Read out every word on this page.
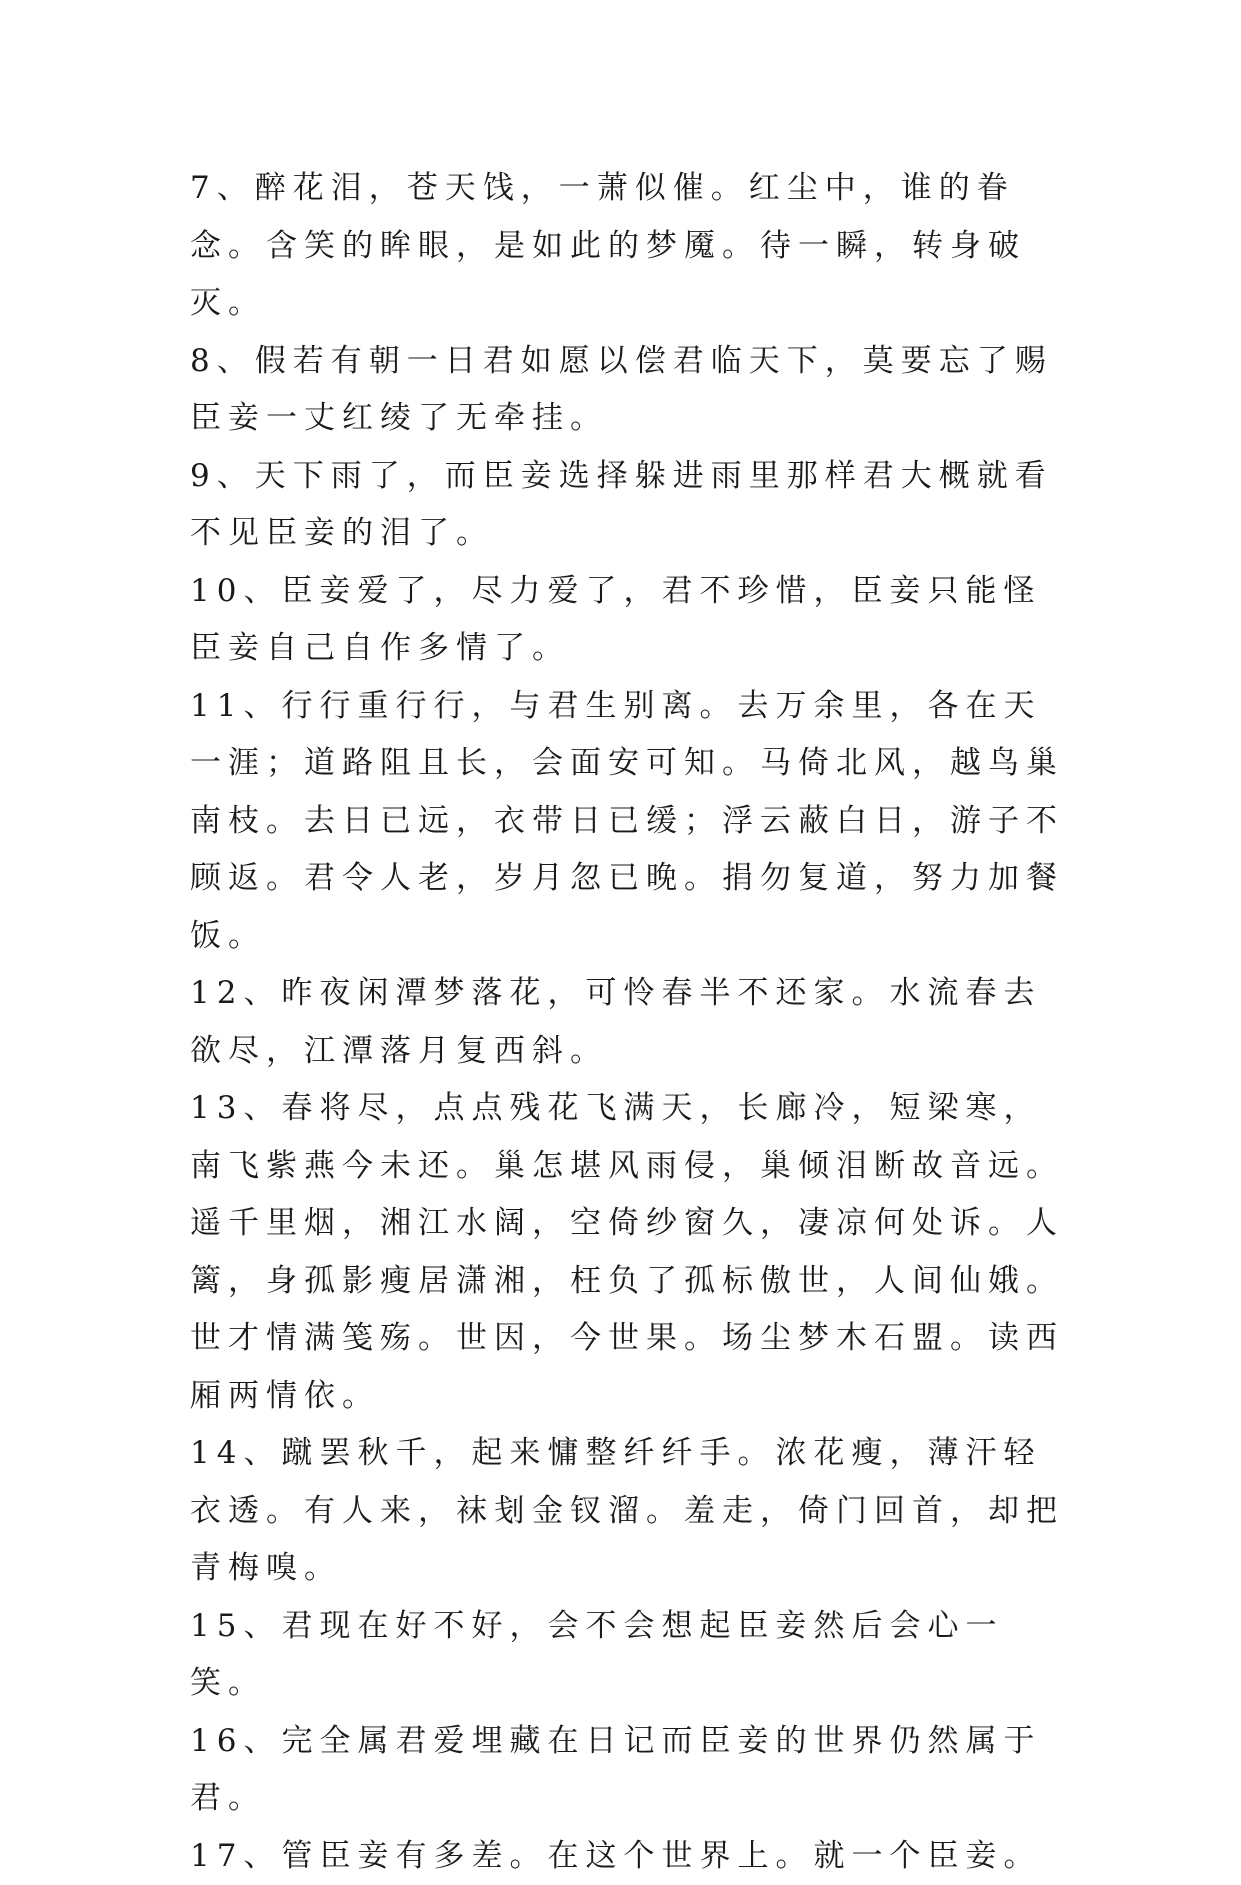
7、醉花泪，苍天饯，一萧似催。红尘中，谁的眷念。含笑的眸眼，是如此的梦魇。待一瞬，转身破灭。

8、假若有朝一日君如愿以偿君临天下，莫要忘了赐臣妾一丈红绫了无牵挂。

9、天下雨了，而臣妾选择躲进雨里那样君大概就看不见臣妾的泪了。

10、臣妾爱了，尽力爱了，君不珍惜，臣妾只能怪臣妾自己自作多情了。

11、行行重行行，与君生别离。去万余里，各在天一涯；道路阻且长，会面安可知。马倚北风，越鸟巢南枝。去日已远，衣带日已缓；浮云蔽白日，游子不顾返。君令人老，岁月忽已晚。捐勿复道，努力加餐饭。

12、昨夜闲潭梦落花，可怜春半不还家。水流春去欲尽，江潭落月复西斜。

13、春将尽，点点残花飞满天，长廊冷，短梁寒，南飞紫燕今未还。巢怎堪风雨侵，巢倾泪断故音远。遥千里烟，湘江水阔，空倚纱窗久，凄凉何处诉。人篱，身孤影瘦居潇湘，枉负了孤标傲世，人间仙娥。世才情满笺殇。世因，今世果。场尘梦木石盟。读西厢两情依。

14、蹴罢秋千，起来慵整纤纤手。浓花瘦，薄汗轻衣透。有人来，袜刬金钗溜。羞走，倚门回首，却把青梅嗅。

15、君现在好不好，会不会想起臣妾然后会心一笑。

16、完全属君爱埋藏在日记而臣妾的世界仍然属于君。

17、管臣妾有多差。在这个世界上。就一个臣妾。
